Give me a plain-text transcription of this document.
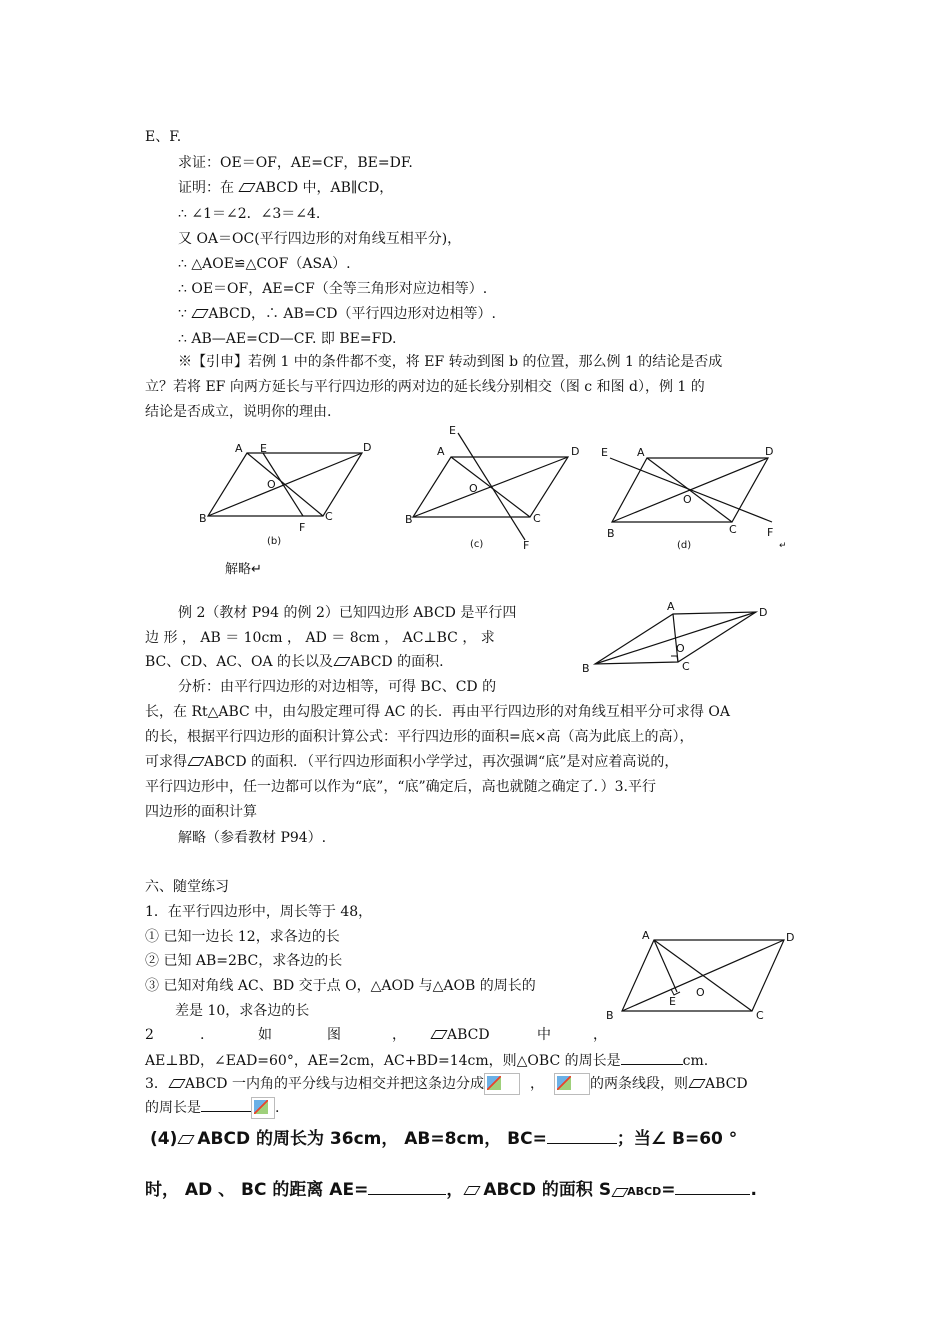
E、F.
求证：OE＝OF，AE=CF，BE=DF.
证明：在 ABCD 中，AB∥CD，
∴ ∠1＝∠2．∠3＝∠4.
又 OA＝OC(平行四边形的对角线互相平分)，
∴ △AOE≌△COF（ASA）.
∴ OE＝OF，AE=CF（全等三角形对应边相等）.
∵ ABCD，∴ AB=CD（平行四边形对边相等）.
∴ AB—AE=CD—CF. 即 BE=FD.
※【引申】若例 1 中的条件都不变，将 EF 转动到图 b 的位置，那么例 1 的结论是否成
立？若将 EF 向两方延长与平行四边形的两对边的延长线分别相交（图 c 和图 d），例 1 的
结论是否成立，说明你的理由.
A E	D
B
O
F
C
(b)
E
A	D
B
O
C
F
(c)
E	A	D
B
O
C	F
(d)	↵
解略↵
例 2（教材 P94 的例 2）已知四边形 ABCD 是平行四
边 形 ， AB ＝ 10cm ， AD ＝ 8cm ， AC⊥BC ， 求
BC、CD、AC、OA 的长以及 ABCD 的面积.
分析：由平行四边形的对边相等，可得 BC、CD 的
A	D
B
O
C
长，在 Rt△ABC 中，由勾股定理可得 AC 的长．再由平行四边形的对角线互相平分可求得 OA
的长，根据平行四边形的面积计算公式：平行四边形的面积=底×高（高为此底上的高），
可求得 ABCD 的面积．（平行四边形面积小学学过，再次强调“底”是对应着高说的，
平行四边形中，任一边都可以作为“底”，“底”确定后，高也就随之确定了．）3.平行
四边形的面积计算
解略（参看教材 P94）.
六、随堂练习
1．在平行四边形中，周长等于 48，
① 已知一边长 12，求各边的长
② 已知 AB=2BC，求各边的长
③ 已知对角线 AC、BD 交于点 O，△AOD 与△AOB 的周长的
差是 10，求各边的长
A	D
B
E
O
C
2	.	如	图	，	ABCD	中	，
AE⊥BD，∠EAD=60°，AE=2cm，AC+BD=14cm，则△OBC 的周长是	cm.
3． ABCD 一内角的平分线与边相交并把这条边分成	，	的两条线段，则 ABCD
的周长是	.
(4) ABCD 的周长为 36cm， AB=8cm， BC=	；当∠ B=60 °
时， AD 、 BC 的距离 AE=	， ABCD 的面积 S ABCD=	.
